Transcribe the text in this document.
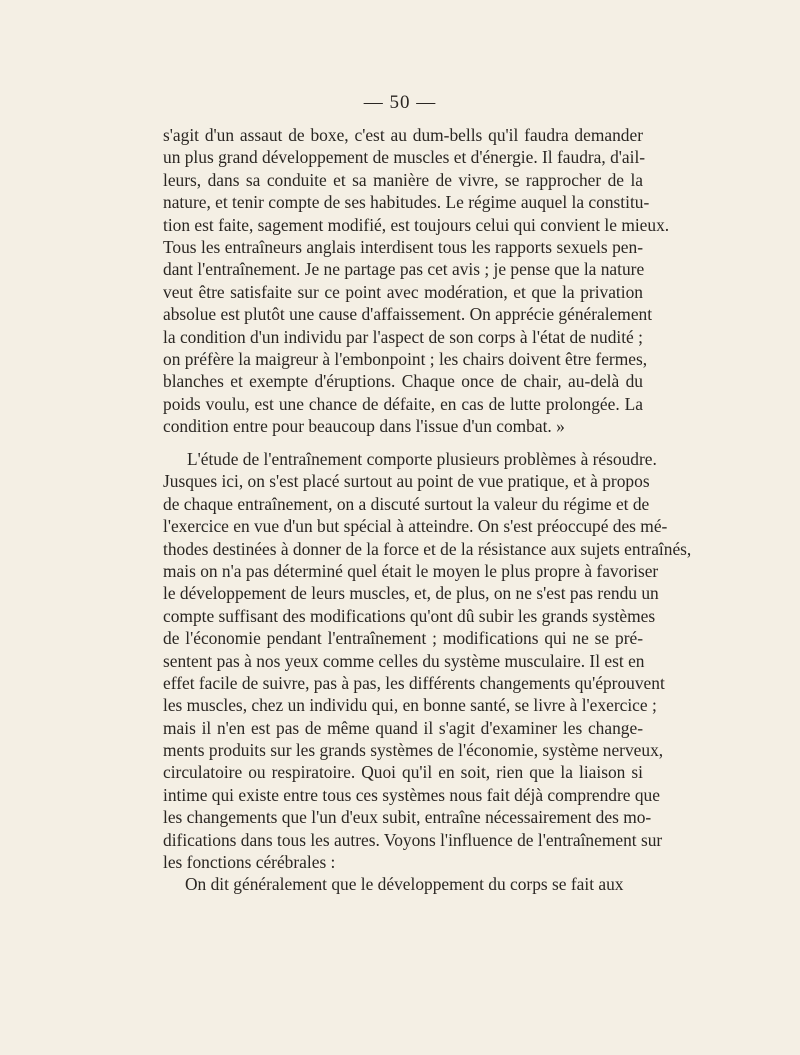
— 50 —
s'agit d'un assaut de boxe, c'est au dum-bells qu'il faudra demander
un plus grand développement de muscles et d'énergie. Il faudra, d'ail-
leurs, dans sa conduite et sa manière de vivre, se rapprocher de la
nature, et tenir compte de ses habitudes. Le régime auquel la constitu-
tion est faite, sagement modifié, est toujours celui qui convient le mieux.
Tous les entraîneurs anglais interdisent tous les rapports sexuels pen-
dant l'entraînement. Je ne partage pas cet avis ; je pense que la nature
veut être satisfaite sur ce point avec modération, et que la privation
absolue est plutôt une cause d'affaissement. On apprécie généralement
la condition d'un individu par l'aspect de son corps à l'état de nudité ;
on préfère la maigreur à l'embonpoint ; les chairs doivent être fermes,
blanches et exempte d'éruptions. Chaque once de chair, au-delà du
poids voulu, est une chance de défaite, en cas de lutte prolongée. La
condition entre pour beaucoup dans l'issue d'un combat. »
L'étude de l'entraînement comporte plusieurs problèmes à résoudre.
Jusques ici, on s'est placé surtout au point de vue pratique, et à propos
de chaque entraînement, on a discuté surtout la valeur du régime et de
l'exercice en vue d'un but spécial à atteindre. On s'est préoccupé des mé-
thodes destinées à donner de la force et de la résistance aux sujets entraînés,
mais on n'a pas déterminé quel était le moyen le plus propre à favoriser
le développement de leurs muscles, et, de plus, on ne s'est pas rendu un
compte suffisant des modifications qu'ont dû subir les grands systèmes
de l'économie pendant l'entraînement ; modifications qui ne se pré-
sentent pas à nos yeux comme celles du système musculaire. Il est en
effet facile de suivre, pas à pas, les différents changements qu'éprouvent
les muscles, chez un individu qui, en bonne santé, se livre à l'exercice ;
mais il n'en est pas de même quand il s'agit d'examiner les change-
ments produits sur les grands systèmes de l'économie, système nerveux,
circulatoire ou respiratoire. Quoi qu'il en soit, rien que la liaison si
intime qui existe entre tous ces systèmes nous fait déjà comprendre que
les changements que l'un d'eux subit, entraîne nécessairement des mo-
difications dans tous les autres. Voyons l'influence de l'entraînement sur
les fonctions cérébrales :
On dit généralement que le développement du corps se fait aux
